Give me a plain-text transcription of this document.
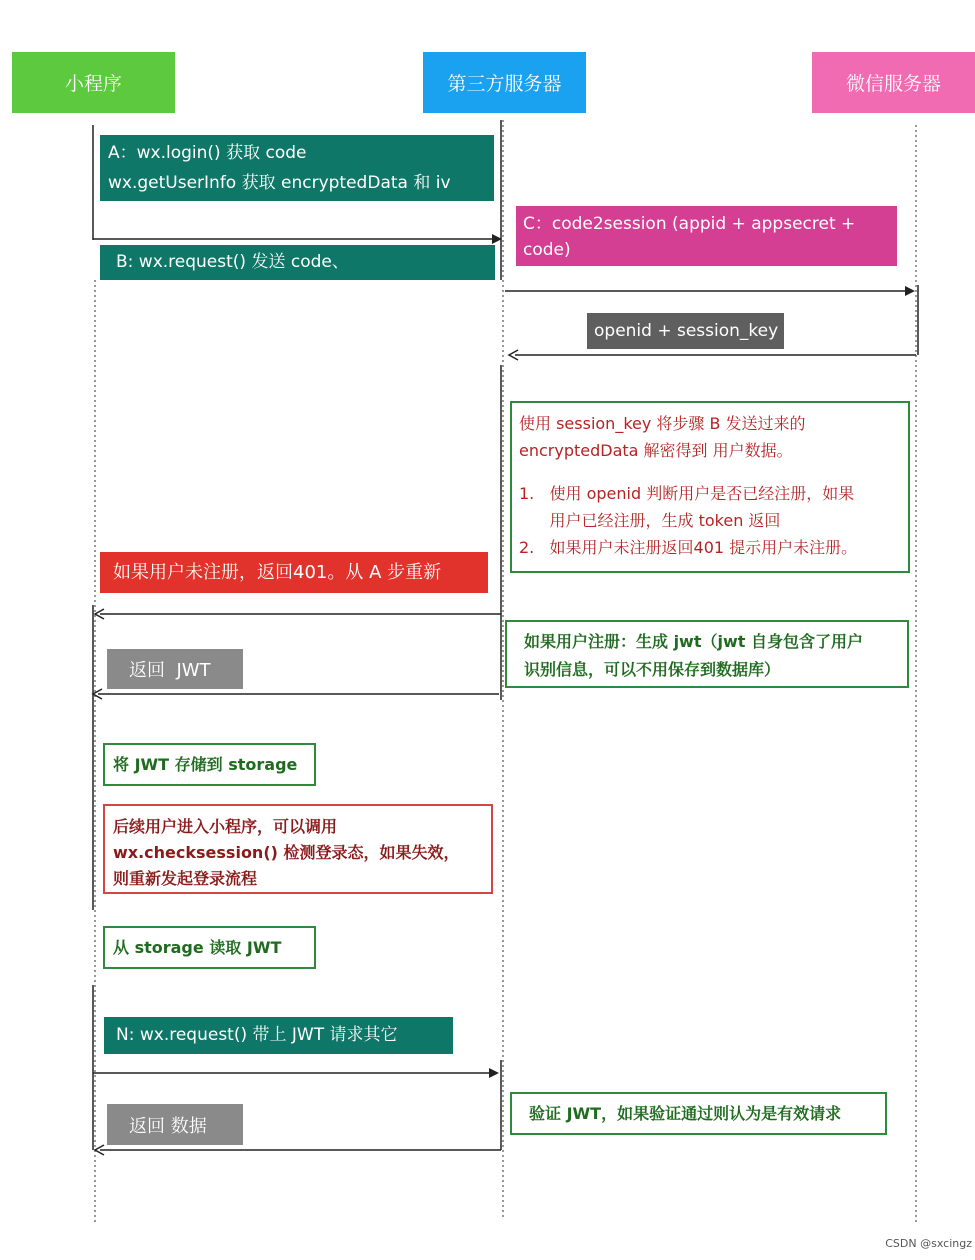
小程序	第三方服务器	微信服务器
A：wx.login() 获取 code
wx.getUserInfo 获取 encryptedData 和 iv
B: wx.request() 发送 code、
C：code2session (appid + appsecret +
code)
openid + session_key
使用 session_key 将步骤 B 发送过来的
encryptedData 解密得到 用户数据。
1.   使用 openid 判断用户是否已经注册，如果
用户已经注册，生成 token 返回
2.   如果用户未注册返回401 提示用户未注册。
如果用户未注册，返回401。从 A 步重新
如果用户注册：生成 jwt（jwt 自身包含了用户
识别信息，可以不用保存到数据库）
返回  JWT
将 JWT 存储到 storage
后续用户进入小程序，可以调用
wx.checksession() 检测登录态，如果失效，
则重新发起登录流程
从 storage 读取 JWT
N: wx.request() 带上 JWT 请求其它
验证 JWT，如果验证通过则认为是有效请求
返回 数据
CSDN @sxcingz
